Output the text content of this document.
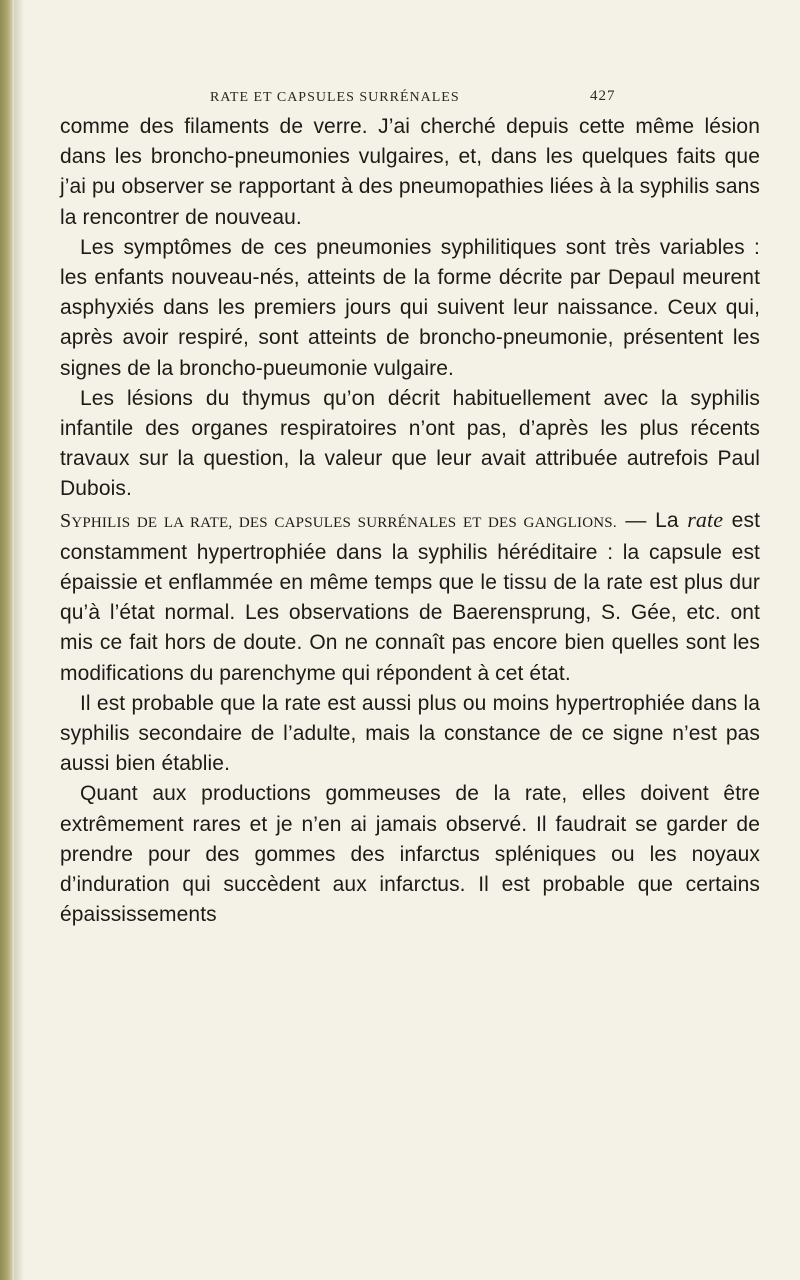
RATE ET CAPSULES SURRÉNALES	427

comme des filaments de verre. J’ai cherché depuis cette même lésion dans les broncho-pneumonies vulgaires, et, dans les quelques faits que j’ai pu observer se rapportant à des pneumopathies liées à la syphilis sans la rencontrer de nouveau.

Les symptômes de ces pneumonies syphilitiques sont très variables : les enfants nouveau-nés, atteints de la forme décrite par Depaul meurent asphyxiés dans les premiers jours qui suivent leur naissance. Ceux qui, après avoir respiré, sont atteints de broncho-pneumonie, présentent les signes de la broncho-pueumonie vulgaire.

Les lésions du thymus qu’on décrit habituellement avec la syphilis infantile des organes respiratoires n’ont pas, d’après les plus récents travaux sur la question, la valeur que leur avait attribuée autrefois Paul Dubois.

SYPHILIS DE LA RATE, DES CAPSULES SURRÉNALES ET DES GANGLIONS. — La rate est constamment hypertrophiée dans la syphilis héréditaire : la capsule est épaissie et enflammée en même temps que le tissu de la rate est plus dur qu’à l’état normal. Les observations de Baerensprung, S. Gée, etc. ont mis ce fait hors de doute. On ne connaît pas encore bien quelles sont les modifications du parenchyme qui répondent à cet état.

Il est probable que la rate est aussi plus ou moins hypertrophiée dans la syphilis secondaire de l’adulte, mais la constance de ce signe n’est pas aussi bien établie.

Quant aux productions gommeuses de la rate, elles doivent être extrêmement rares et je n’en ai jamais observé. Il faudrait se garder de prendre pour des gommes des infarctus spléniques ou les noyaux d’induration qui succèdent aux infarctus. Il est probable que certains épaississements
